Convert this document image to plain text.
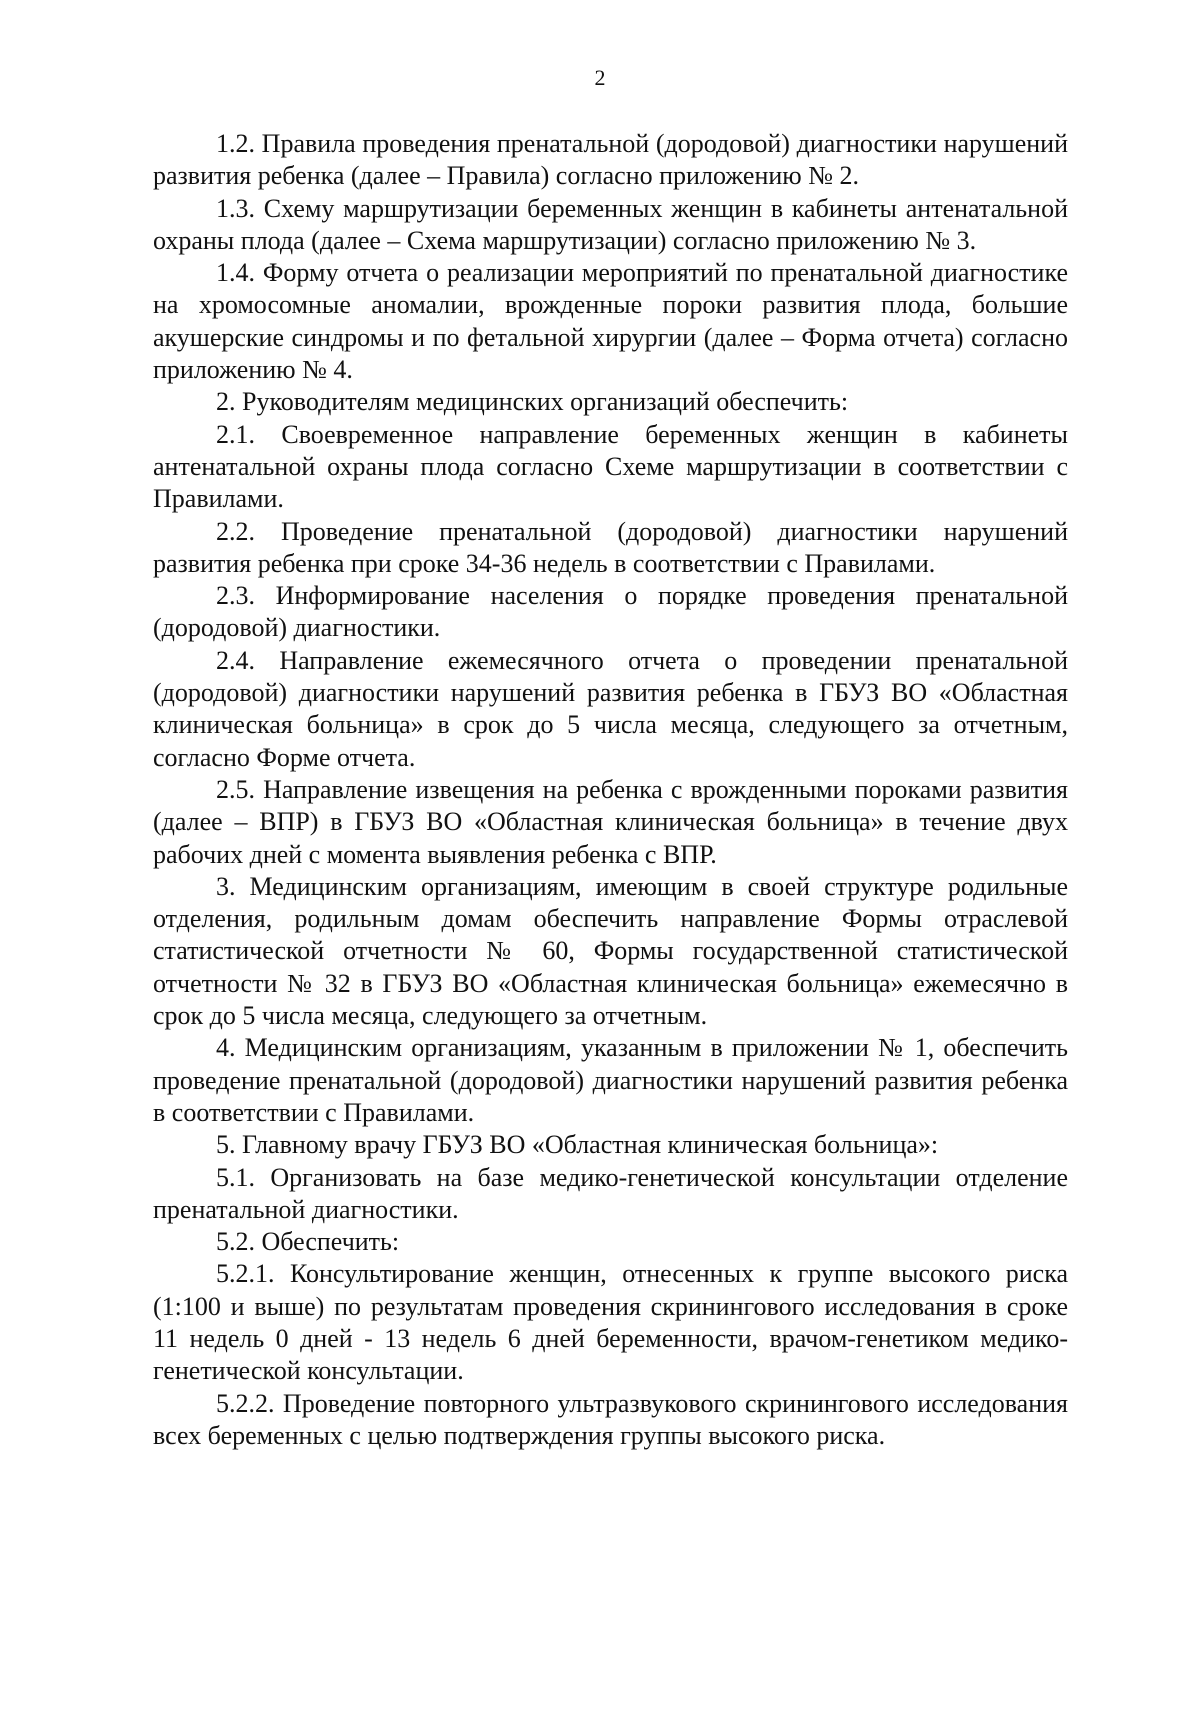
2

1.2. Правила проведения пренатальной (дородовой) диагностики нарушений развития ребенка (далее – Правила) согласно приложению № 2.

1.3. Схему маршрутизации беременных женщин в кабинеты антенатальной охраны плода (далее – Схема маршрутизации) согласно приложению № 3.

1.4. Форму отчета о реализации мероприятий по пренатальной диагностике на хромосомные аномалии, врожденные пороки развития плода, большие акушерские синдромы и по фетальной хирургии (далее – Форма отчета) согласно приложению № 4.

2. Руководителям медицинских организаций обеспечить:

2.1. Своевременное направление беременных женщин в кабинеты антенатальной охраны плода согласно Схеме маршрутизации в соответствии с Правилами.

2.2. Проведение пренатальной (дородовой) диагностики нарушений развития ребенка при сроке 34-36 недель в соответствии с Правилами.

2.3. Информирование населения о порядке проведения пренатальной (дородовой) диагностики.

2.4. Направление ежемесячного отчета о проведении пренатальной (дородовой) диагностики нарушений развития ребенка в ГБУЗ ВО «Областная клиническая больница» в срок до 5 числа месяца, следующего за отчетным, согласно Форме отчета.

2.5. Направление извещения на ребенка с врожденными пороками развития (далее – ВПР) в ГБУЗ ВО «Областная клиническая больница» в течение двух рабочих дней с момента выявления ребенка с ВПР.

3. Медицинским организациям, имеющим в своей структуре родильные отделения, родильным домам обеспечить направление Формы отраслевой статистической отчетности № 60, Формы государственной статистической отчетности № 32 в ГБУЗ ВО «Областная клиническая больница» ежемесячно в срок до 5 числа месяца, следующего за отчетным.

4. Медицинским организациям, указанным в приложении № 1, обеспечить проведение пренатальной (дородовой) диагностики нарушений развития ребенка в соответствии с Правилами.

5. Главному врачу ГБУЗ ВО «Областная клиническая больница»:

5.1. Организовать на базе медико-генетической консультации отделение пренатальной диагностики.

5.2. Обеспечить:

5.2.1. Консультирование женщин, отнесенных к группе высокого риска (1:100 и выше) по результатам проведения скринингового исследования в сроке 11 недель 0 дней - 13 недель 6 дней беременности, врачом-генетиком медико-генетической консультации.

5.2.2. Проведение повторного ультразвукового скринингового исследования всех беременных с целью подтверждения группы высокого риска.
